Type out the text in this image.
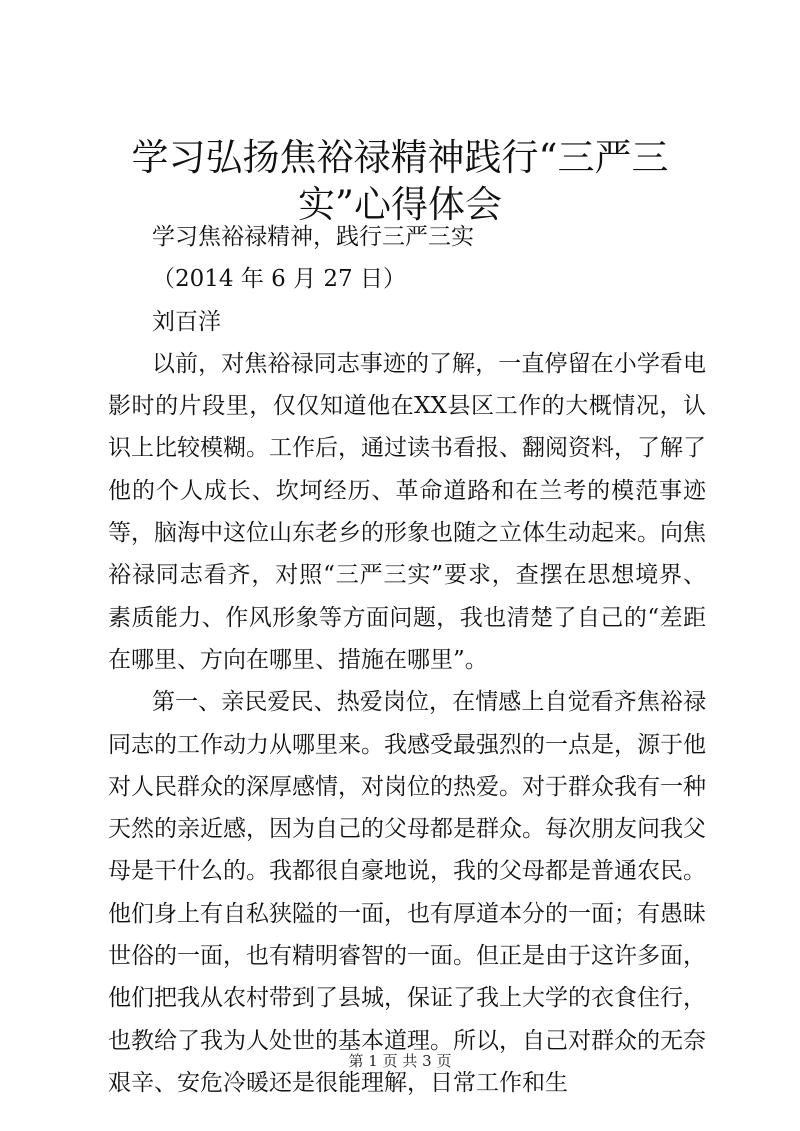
学习弘扬焦裕禄精神践行“三严三实”心得体会

学习焦裕禄精神，践行三严三实

（2014 年 6 月 27 日）

刘百洋

以前，对焦裕禄同志事迹的了解，一直停留在小学看电影时的片段里，仅仅知道他在XX县区工作的大概情况，认识上比较模糊。工作后，通过读书看报、翻阅资料，了解了他的个人成长、坎坷经历、革命道路和在兰考的模范事迹等，脑海中这位山东老乡的形象也随之立体生动起来。向焦裕禄同志看齐，对照“三严三实”要求，查摆在思想境界、素质能力、作风形象等方面问题，我也清楚了自己的“差距在哪里、方向在哪里、措施在哪里”。

第一、亲民爱民、热爱岗位，在情感上自觉看齐焦裕禄同志的工作动力从哪里来。我感受最强烈的一点是，源于他对人民群众的深厚感情，对岗位的热爱。对于群众我有一种天然的亲近感，因为自己的父母都是群众。每次朋友问我父母是干什么的。我都很自豪地说，我的父母都是普通农民。他们身上有自私狭隘的一面，也有厚道本分的一面；有愚昧世俗的一面，也有精明睿智的一面。但正是由于这许多面，他们把我从农村带到了县城，保证了我上大学的衣食住行，也教给了我为人处世的基本道理。所以，自己对群众的无奈艰辛、安危冷暖还是很能理解，日常工作和生

第 1 页 共 3 页
